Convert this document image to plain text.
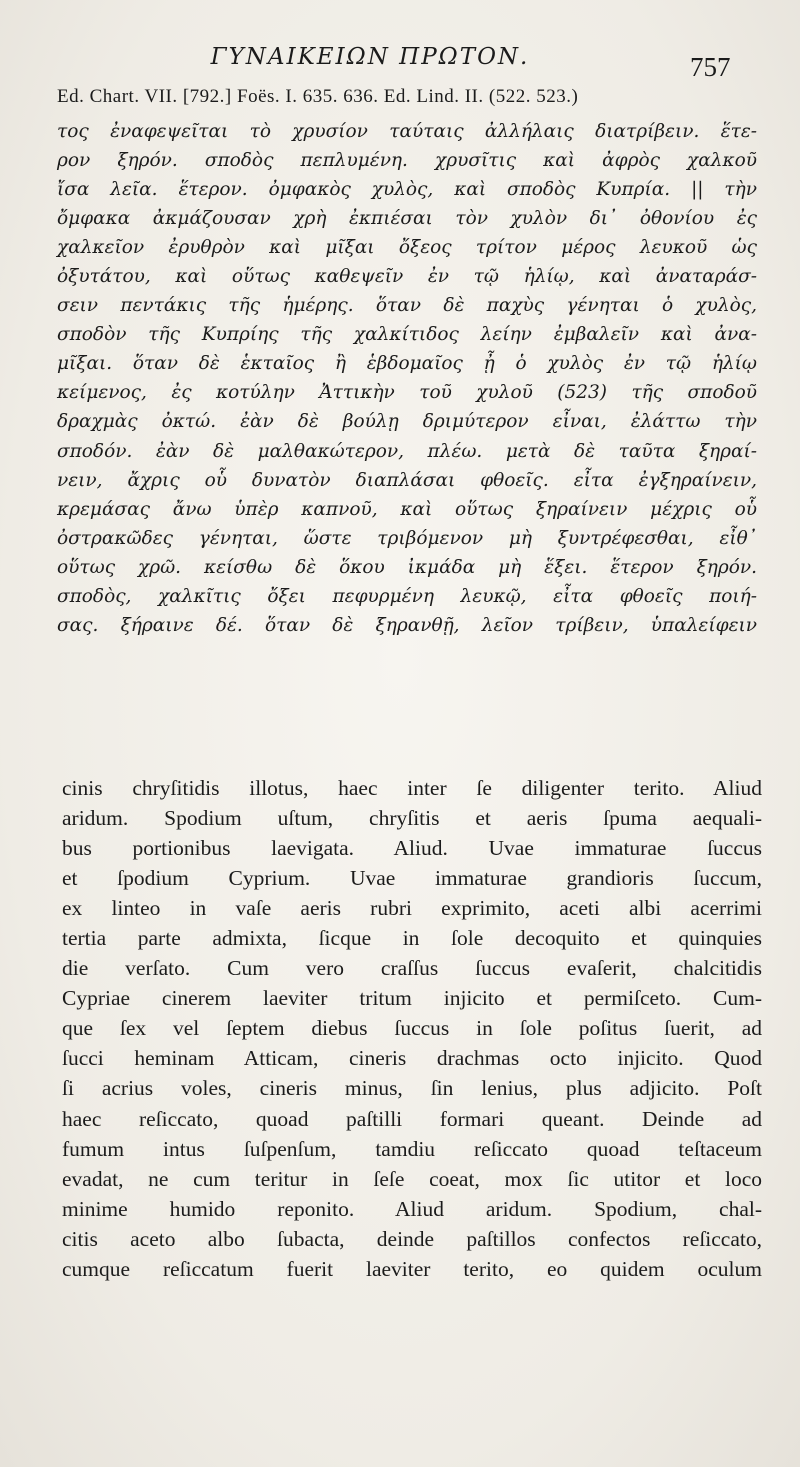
ΓΥΝΑΙΚΕΙΩΝ ΠΡΩΤΟΝ.	757
Ed. Chart. VII. [792.] Foës. I. 635. 636. Ed. Lind. II. (522. 523.)
τος ἐναφεψεῖται τὸ χρυσίον ταύταις ἀλλήλαις διατρίβειν. ἕτε-
ρον ξηρόν. σποδὸς πεπλυμένη. χρυσῖτις καὶ ἀφρὸς χαλκοῦ
ἴσα λεῖα. ἕτερον. ὀμφακὸς χυλὸς, καὶ σποδὸς Κυπρία. || τὴν
ὄμφακα ἀκμάζουσαν χρὴ ἐκπιέσαι τὸν χυλὸν δι᾽ ὀθονίου ἐς
χαλκεῖον ἐρυθρὸν καὶ μῖξαι ὄξεος τρίτον μέρος λευκοῦ ὡς
ὀξυτάτου, καὶ οὕτως καθεψεῖν ἐν τῷ ἡλίῳ, καὶ ἀναταράσ-
σειν πεντάκις τῆς ἡμέρης. ὅταν δὲ παχὺς γένηται ὁ χυλὸς,
σποδὸν τῆς Κυπρίης τῆς χαλκίτιδος λείην ἐμβαλεῖν καὶ ἀνα-
μῖξαι. ὅταν δὲ ἑκταῖος ἢ ἑβδομαῖος ᾖ ὁ χυλὸς ἐν τῷ ἡλίῳ
κείμενος, ἐς κοτύλην Ἀττικὴν τοῦ χυλοῦ (523) τῆς σποδοῦ
δραχμὰς ὀκτώ. ἐὰν δὲ βούλῃ δριμύτερον εἶναι, ἐλάττω τὴν
σποδόν. ἐὰν δὲ μαλθακώτερον, πλέω. μετὰ δὲ ταῦτα ξηραί-
νειν, ἄχρις οὗ δυνατὸν διαπλάσαι φθοεῖς. εἶτα ἐγξηραίνειν,
κρεμάσας ἄνω ὑπὲρ καπνοῦ, καὶ οὕτως ξηραίνειν μέχρις οὗ
ὀστρακῶδες γένηται, ὥστε τριβόμενον μὴ ξυντρέφεσθαι, εἶθ᾽
οὕτως χρῶ. κείσθω δὲ ὅκου ἰκμάδα μὴ ἕξει. ἕτερον ξηρόν.
σποδὸς, χαλκῖτις ὄξει πεφυρμένη λευκῷ, εἶτα φθοεῖς ποιή-
σας. ξήραινε δέ. ὅταν δὲ ξηρανθῇ, λεῖον τρίβειν, ὑπαλείφειν
cinis chryſitidis illotus, haec inter ſe diligenter terito. Aliud
aridum. Spodium uſtum, chryſitis et aeris ſpuma aequali-
bus portionibus laevigata. Aliud. Uvae immaturae ſuccus
et ſpodium Cyprium. Uvae immaturae grandioris ſuccum,
ex linteo in vaſe aeris rubri exprimito, aceti albi acerrimi
tertia parte admixta, ſicque in ſole decoquito et quinquies
die verſato. Cum vero craſſus ſuccus evaſerit, chalcitidis
Cypriae cinerem laeviter tritum injicito et permiſceto. Cum-
que ſex vel ſeptem diebus ſuccus in ſole poſitus ſuerit, ad
ſucci heminam Atticam, cineris drachmas octo injicito. Quod
ſi acrius voles, cineris minus, ſin lenius, plus adjicito. Poſt
haec reſiccato, quoad paſtilli formari queant. Deinde ad
fumum intus ſuſpenſum, tamdiu reſiccato quoad teſtaceum
evadat, ne cum teritur in ſeſe coeat, mox ſic utitor et loco
minime humido reponito. Aliud aridum. Spodium, chal-
citis aceto albo ſubacta, deinde paſtillos confectos reſiccato,
cumque reſiccatum fuerit laeviter terito, eo quidem oculum
